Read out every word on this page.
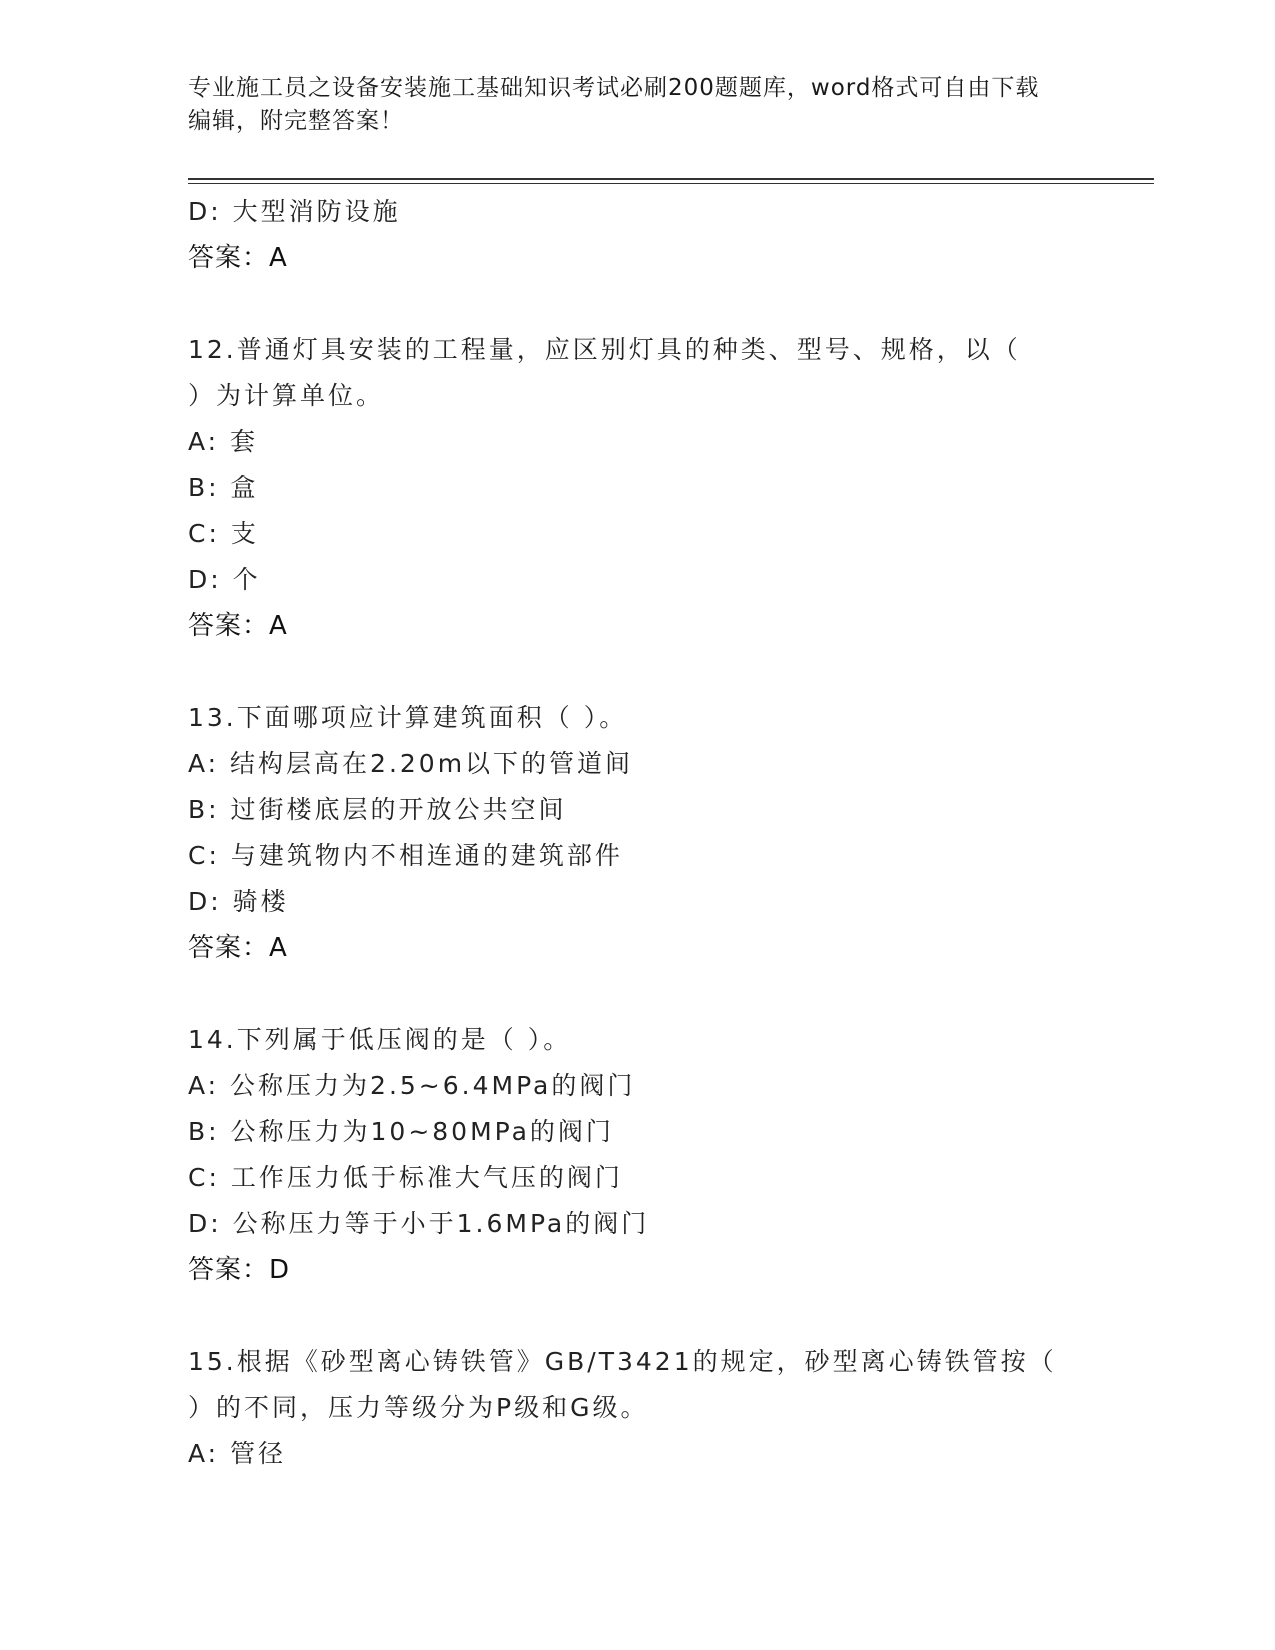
专业施工员之设备安装施工基础知识考试必刷200题题库，word格式可自由下载
编辑，附完整答案！
D: 大型消防设施
答案：A
12.普通灯具安装的工程量，应区别灯具的种类、型号、规格，以（
）为计算单位。
A: 套
B: 盒
C: 支
D: 个
答案：A
13.下面哪项应计算建筑面积（ ）。
A: 结构层高在2.20m以下的管道间
B: 过街楼底层的开放公共空间
C: 与建筑物内不相连通的建筑部件
D: 骑楼
答案：A
14.下列属于低压阀的是（ ）。
A: 公称压力为2.5~6.4MPa的阀门
B: 公称压力为10~80MPa的阀门
C: 工作压力低于标准大气压的阀门
D: 公称压力等于小于1.6MPa的阀门
答案：D
15.根据《砂型离心铸铁管》GB/T3421的规定，砂型离心铸铁管按（
）的不同，压力等级分为P级和G级。
A: 管径
